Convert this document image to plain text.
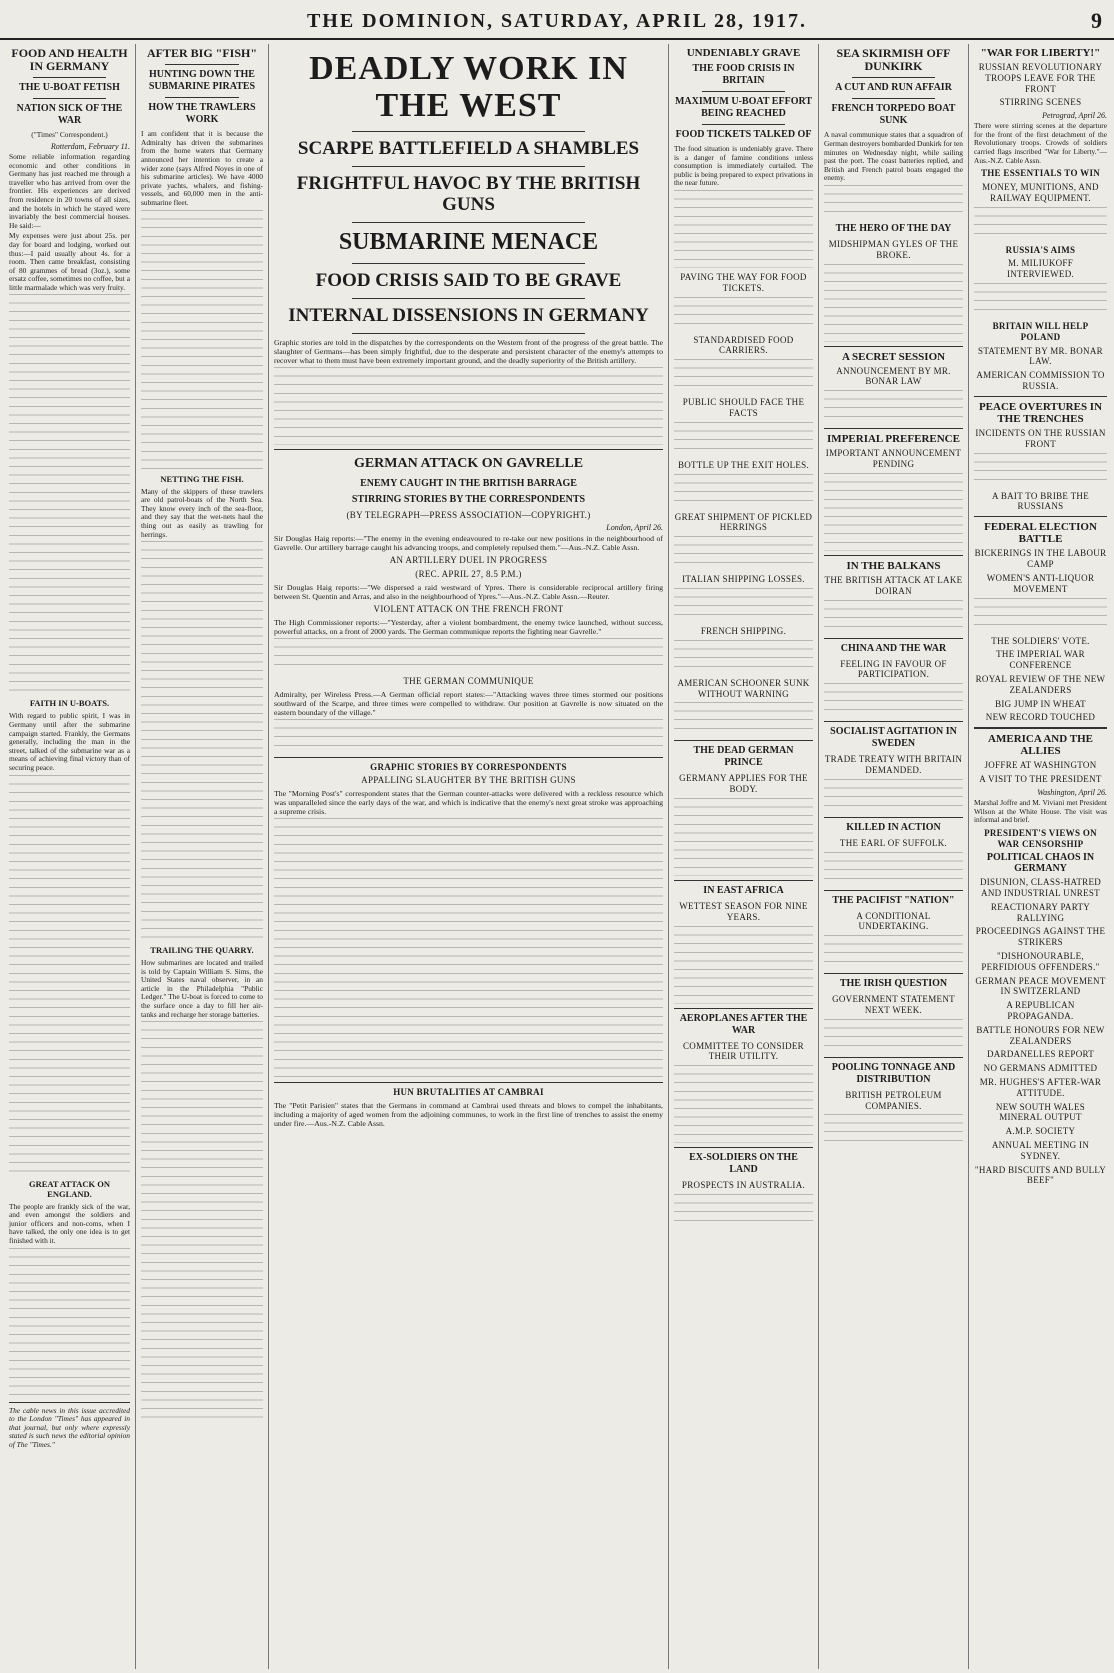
THE DOMINION, SATURDAY, APRIL 28, 1917.	9
FOOD AND HEALTH IN GERMANY
THE U-BOAT FETISH
NATION SICK OF THE WAR
("Times" Correspondent.)
Rotterdam, February 11.
Some reliable information regarding economic and other conditions in Germany has just reached me through a traveller who has arrived from over the frontier. His experiences are derived from residence in 20 towns of all sizes, and the hotels in which he stayed were invariably the best commercial houses. He said:—
My expenses were just about 25s. per day for board and lodging, worked out thus:—I paid usually about 4s. for a room. Then came breakfast, consisting of 80 grammes of bread (3oz.), some ersatz coffee, sometimes no coffee, but a little marmalade which was very fruity.
FAITH IN U-BOATS.
With regard to public spirit, I was in Germany until after the submarine campaign started. Frankly, the Germans generally, including the man in the street, talked of the submarine war as a means of achieving final victory than of securing peace.
GREAT ATTACK ON ENGLAND.
The people are frankly sick of the war, and even amongst the soldiers and junior officers and non-coms, when I have talked, the only one idea is to get finished with it.
The cable news in this issue accredited to the London "Times" has appeared in that journal, but only where expressly stated is such news the editorial opinion of The "Times."
AFTER BIG "FISH"
HUNTING DOWN THE SUBMARINE PIRATES
HOW THE TRAWLERS WORK
I am confident that it is because the Admiralty has driven the submarines from the home waters that Germany announced her intention to create a wider zone (says Alfred Noyes in one of his submarine articles). We have 4000 private yachts, whalers, and fishing-vessels, and 60,000 men in the anti-submarine fleet.
NETTING THE FISH.
Many of the skippers of these trawlers are old patrol-boats of the North Sea. They know every inch of the sea-floor, and they say that the wet-nets haul the thing out as easily as trawling for herrings.
TRAILING THE QUARRY.
How submarines are located and trailed is told by Captain William S. Sims, the United States naval observer, in an article in the Philadelphia "Public Ledger." The U-boat is forced to come to the surface once a day to fill her air-tanks and recharge her storage batteries.
DEADLY WORK IN THE WEST
SCARPE BATTLEFIELD A SHAMBLES
FRIGHTFUL HAVOC BY THE BRITISH GUNS
SUBMARINE MENACE
FOOD CRISIS SAID TO BE GRAVE
INTERNAL DISSENSIONS IN GERMANY
Graphic stories are told in the dispatches by the correspondents on the Western front of the progress of the great battle. The slaughter of Germans—has been simply frightful, due to the desperate and persistent character of the enemy's attempts to recover what to them must have been extremely important ground, and the deadly superiority of the British artillery.
GERMAN ATTACK ON GAVRELLE
ENEMY CAUGHT IN THE BRITISH BARRAGE
STIRRING STORIES BY THE CORRESPONDENTS
(BY TELEGRAPH—PRESS ASSOCIATION—COPYRIGHT.)
London, April 26.
Sir Douglas Haig reports:—"The enemy in the evening endeavoured to re-take our new positions in the neighbourhood of Gavrelle. Our artillery barrage caught his advancing troops, and completely repulsed them."—Aus.-N.Z. Cable Assn.
AN ARTILLERY DUEL IN PROGRESS
(REC. APRIL 27, 8.5 P.M.)
Sir Douglas Haig reports:—"We dispersed a raid westward of Ypres. There is considerable reciprocal artillery firing between St. Quentin and Arras, and also in the neighbourhood of Ypres."—Aus.-N.Z. Cable Assn.—Reuter.
VIOLENT ATTACK ON THE FRENCH FRONT
The High Commissioner reports:—"Yesterday, after a violent bombardment, the enemy twice launched, without success, powerful attacks, on a front of 2000 yards. The German communique reports the fighting near Gavrelle."
THE GERMAN COMMUNIQUE
Admiralty, per Wireless Press.—A German official report states:—"Attacking waves three times stormed our positions southward of the Scarpe, and three times were compelled to withdraw. Our position at Gavrelle is now situated on the eastern boundary of the village."
GRAPHIC STORIES BY CORRESPONDENTS
APPALLING SLAUGHTER BY THE BRITISH GUNS
The "Morning Post's" correspondent states that the German counter-attacks were delivered with a reckless resource which was unparalleled since the early days of the war, and which is indicative that the enemy's next great stroke was approaching a supreme crisis.
HUN BRUTALITIES AT CAMBRAI
The "Petit Parisien" states that the Germans in command at Cambrai used threats and blows to compel the inhabitants, including a majority of aged women from the adjoining communes, to work in the first line of trenches to assist the enemy under fire.—Aus.-N.Z. Cable Assn.
UNDENIABLY GRAVE
THE FOOD CRISIS IN BRITAIN
MAXIMUM U-BOAT EFFORT BEING REACHED
FOOD TICKETS TALKED OF
The food situation is undeniably grave. There is a danger of famine conditions unless consumption is immediately curtailed. The public is being prepared to expect privations in the near future.
PAVING THE WAY FOR FOOD TICKETS.
STANDARDISED FOOD CARRIERS.
PUBLIC SHOULD FACE THE FACTS
BOTTLE UP THE EXIT HOLES.
GREAT SHIPMENT OF PICKLED HERRINGS
ITALIAN SHIPPING LOSSES.
FRENCH SHIPPING.
AMERICAN SCHOONER SUNK WITHOUT WARNING
THE DEAD GERMAN PRINCE
GERMANY APPLIES FOR THE BODY.
IN EAST AFRICA
WETTEST SEASON FOR NINE YEARS.
AEROPLANES AFTER THE WAR
COMMITTEE TO CONSIDER THEIR UTILITY.
EX-SOLDIERS ON THE LAND
PROSPECTS IN AUSTRALIA.
SEA SKIRMISH OFF DUNKIRK
A CUT AND RUN AFFAIR
FRENCH TORPEDO BOAT SUNK
A naval communique states that a squadron of German destroyers bombarded Dunkirk for ten minutes on Wednesday night, while sailing past the port. The coast batteries replied, and British and French patrol boats engaged the enemy.
THE HERO OF THE DAY
MIDSHIPMAN GYLES OF THE BROKE.
A SECRET SESSION
ANNOUNCEMENT BY MR. BONAR LAW
IMPERIAL PREFERENCE
IMPORTANT ANNOUNCEMENT PENDING
IN THE BALKANS
THE BRITISH ATTACK AT LAKE DOIRAN
CHINA AND THE WAR
FEELING IN FAVOUR OF PARTICIPATION.
SOCIALIST AGITATION IN SWEDEN
TRADE TREATY WITH BRITAIN DEMANDED.
KILLED IN ACTION
THE EARL OF SUFFOLK.
THE PACIFIST "NATION"
A CONDITIONAL UNDERTAKING.
THE IRISH QUESTION
GOVERNMENT STATEMENT NEXT WEEK.
POOLING TONNAGE AND DISTRIBUTION
BRITISH PETROLEUM COMPANIES.
"WAR FOR LIBERTY!"
RUSSIAN REVOLUTIONARY TROOPS LEAVE FOR THE FRONT
STIRRING SCENES
Petrograd, April 26.
There were stirring scenes at the departure for the front of the first detachment of the Revolutionary troops. Crowds of soldiers carried flags inscribed "War for Liberty."—Aus.-N.Z. Cable Assn.
THE ESSENTIALS TO WIN
MONEY, MUNITIONS, AND RAILWAY EQUIPMENT.
RUSSIA'S AIMS
M. MILIUKOFF INTERVIEWED.
BRITAIN WILL HELP POLAND
STATEMENT BY MR. BONAR LAW.
AMERICAN COMMISSION TO RUSSIA.
PEACE OVERTURES IN THE TRENCHES
INCIDENTS ON THE RUSSIAN FRONT
A BAIT TO BRIBE THE RUSSIANS
FEDERAL ELECTION BATTLE
BICKERINGS IN THE LABOUR CAMP
WOMEN'S ANTI-LIQUOR MOVEMENT
THE SOLDIERS' VOTE.
THE IMPERIAL WAR CONFERENCE
ROYAL REVIEW OF THE NEW ZEALANDERS
BIG JUMP IN WHEAT
NEW RECORD TOUCHED
AMERICA AND THE ALLIES
JOFFRE AT WASHINGTON
A VISIT TO THE PRESIDENT
Washington, April 26.
Marshal Joffre and M. Viviani met President Wilson at the White House. The visit was informal and brief.
PRESIDENT'S VIEWS ON WAR CENSORSHIP
POLITICAL CHAOS IN GERMANY
DISUNION, CLASS-HATRED AND INDUSTRIAL UNREST
REACTIONARY PARTY RALLYING
PROCEEDINGS AGAINST THE STRIKERS
"DISHONOURABLE, PERFIDIOUS OFFENDERS."
GERMAN PEACE MOVEMENT IN SWITZERLAND
A REPUBLICAN PROPAGANDA.
BATTLE HONOURS FOR NEW ZEALANDERS
DARDANELLES REPORT
NO GERMANS ADMITTED
MR. HUGHES'S AFTER-WAR ATTITUDE.
NEW SOUTH WALES MINERAL OUTPUT
A.M.P. SOCIETY
ANNUAL MEETING IN SYDNEY.
"HARD BISCUITS AND BULLY BEEF"
